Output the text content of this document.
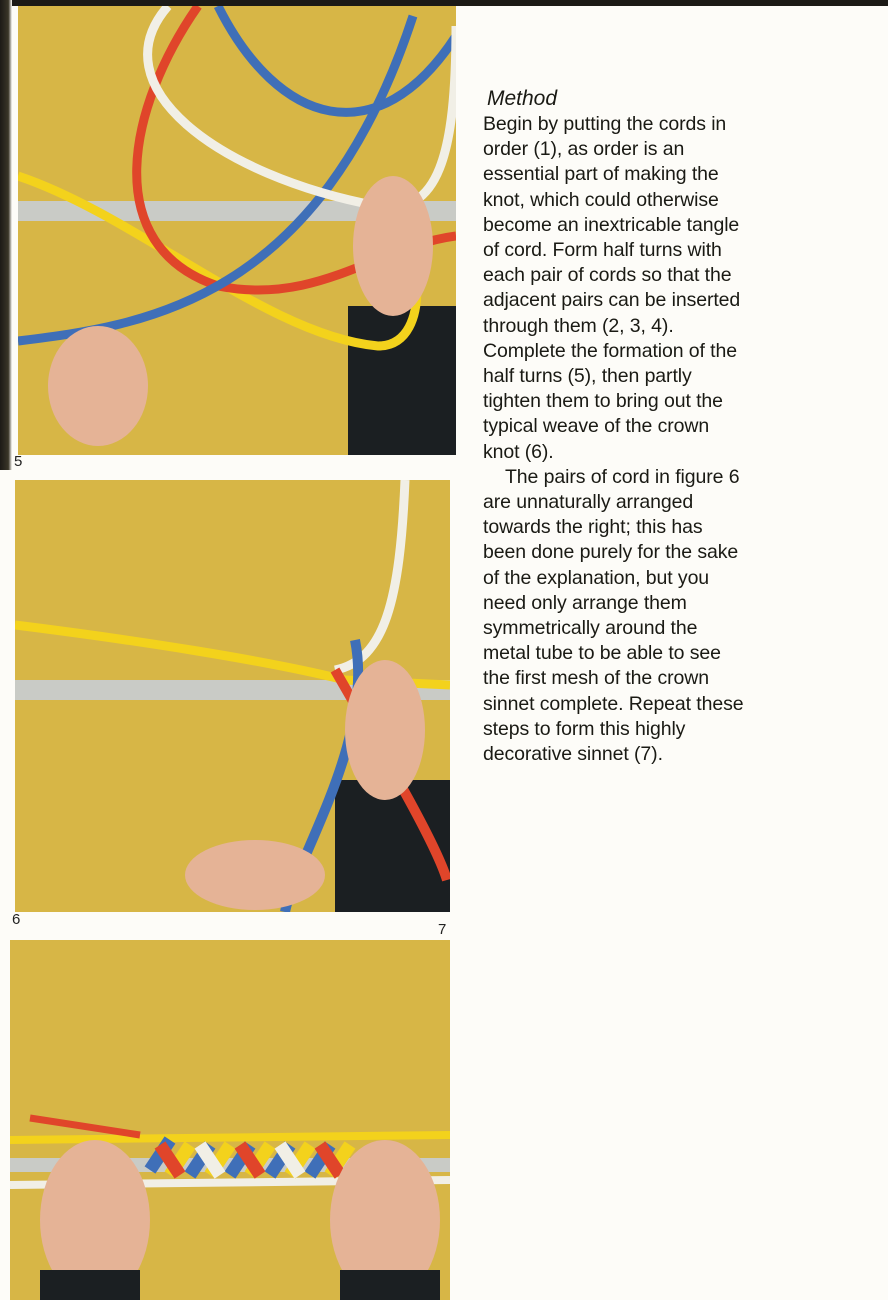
5
6
7
Method
Begin by putting the cords in
order (1), as order is an
essential part of making the
knot, which could otherwise
become an inextricable tangle
of cord. Form half turns with
each pair of cords so that the
adjacent pairs can be inserted
through them (2, 3, 4).
Complete the formation of the
half turns (5), then partly
tighten them to bring out the
typical weave of the crown
knot (6).
The pairs of cord in figure 6
are unnaturally arranged
towards the right; this has
been done purely for the sake
of the explanation, but you
need only arrange them
symmetrically around the
metal tube to be able to see
the first mesh of the crown
sinnet complete. Repeat these
steps to form this highly
decorative sinnet (7).
